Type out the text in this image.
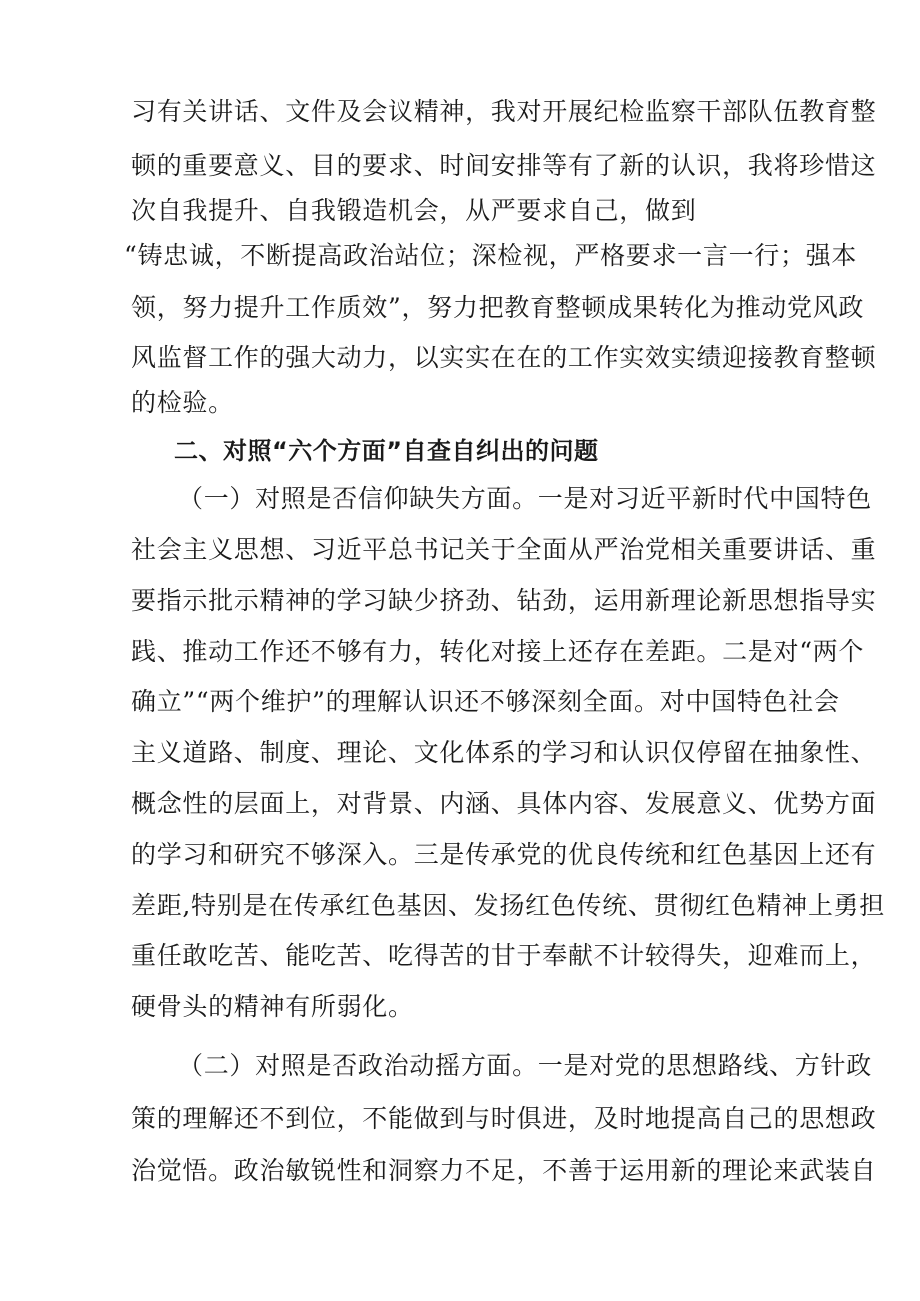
习有关讲话、文件及会议精神，我对开展纪检监察干部队伍教育整
顿的重要意义、目的要求、时间安排等有了新的认识，我将珍惜这
次自我提升、自我锻造机会，从严要求自己，做到
“铸忠诚，不断提高政治站位；深检视，严格要求一言一行；强本
领，努力提升工作质效”，努力把教育整顿成果转化为推动党风政
风监督工作的强大动力，以实实在在的工作实效实绩迎接教育整顿
的检验。
二、对照“六个方面”自查自纠出的问题
（一）对照是否信仰缺失方面。一是对习近平新时代中国特色
社会主义思想、习近平总书记关于全面从严治党相关重要讲话、重
要指示批示精神的学习缺少挤劲、钻劲，运用新理论新思想指导实
践、推动工作还不够有力，转化对接上还存在差距。二是对“两个
确立”“两个维护”的理解认识还不够深刻全面。对中国特色社会
主义道路、制度、理论、文化体系的学习和认识仅停留在抽象性、
概念性的层面上，对背景、内涵、具体内容、发展意义、优势方面
的学习和研究不够深入。三是传承党的优良传统和红色基因上还有
差距,特别是在传承红色基因、发扬红色传统、贯彻红色精神上勇担
重任敢吃苦、能吃苦、吃得苦的甘于奉献不计较得失，迎难而上，
硬骨头的精神有所弱化。
（二）对照是否政治动摇方面。一是对党的思想路线、方针政
策的理解还不到位，不能做到与时俱进，及时地提高自己的思想政
治觉悟。政治敏锐性和洞察力不足，不善于运用新的理论来武装自
